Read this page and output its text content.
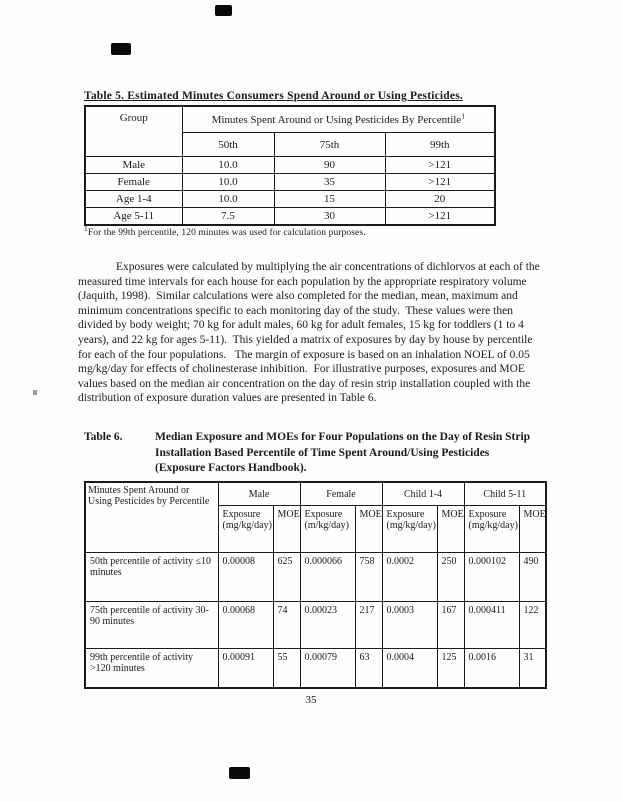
Table 5. Estimated Minutes Consumers Spend Around or Using Pesticides.
Group	Minutes Spent Around or Using Pesticides By Percentile$^1$
	50th	75th	99th
Male	10.0	90	>121
Female	10.0	35	>121
Age 1-4	10.0	15	20
Age 5-11	7.5	30	>121
$^1$For the 99th percentile, 120 minutes was used for calculation purposes.
Exposures were calculated by multiplying the air concentrations of dichlorvos at each of the measured time intervals for each house for each population by the appropriate respiratory volume (Jaquith, 1998).  Similar calculations were also completed for the median, mean, maximum and minimum concentrations specific to each monitoring day of the study.  These values were then divided by body weight; 70 kg for adult males, 60 kg for adult females, 15 kg for toddlers (1 to 4 years), and 22 kg for ages 5-11).  This yielded a matrix of exposures by day by house by percentile for each of the four populations.   The margin of exposure is based on an inhalation NOEL of 0.05 mg/kg/day for effects of cholinesterase inhibition.  For illustrative purposes, exposures and MOE values based on the median air concentration on the day of resin strip installation coupled with the distribution of exposure duration values are presented in Table 6.
Table 6.	Median Exposure and MOEs for Four Populations on the Day of Resin Strip
Installation Based Percentile of Time Spent Around/Using Pesticides
(Exposure Factors Handbook).
Minutes Spent Around or Using Pesticides by Percentile	Male		Female		Child 1-4		Child 5-11	
	Exposure
(mg/kg/day)	MOE	Exposure
(m/kg/day)	MOE	Exposure
(mg/kg/day)	MOE	Exposure
(mg/kg/day)	MOE
50th percentile of activity ≤10 minutes	0.00008	625	0.000066	758	0.0002	250	0.000102	490
75th percentile of activity 30-90 minutes	0.00068	74	0.00023	217	0.0003	167	0.000411	122
99th percentile of activity >120 minutes	0.00091	55	0.00079	63	0.0004	125	0.0016	31
35
